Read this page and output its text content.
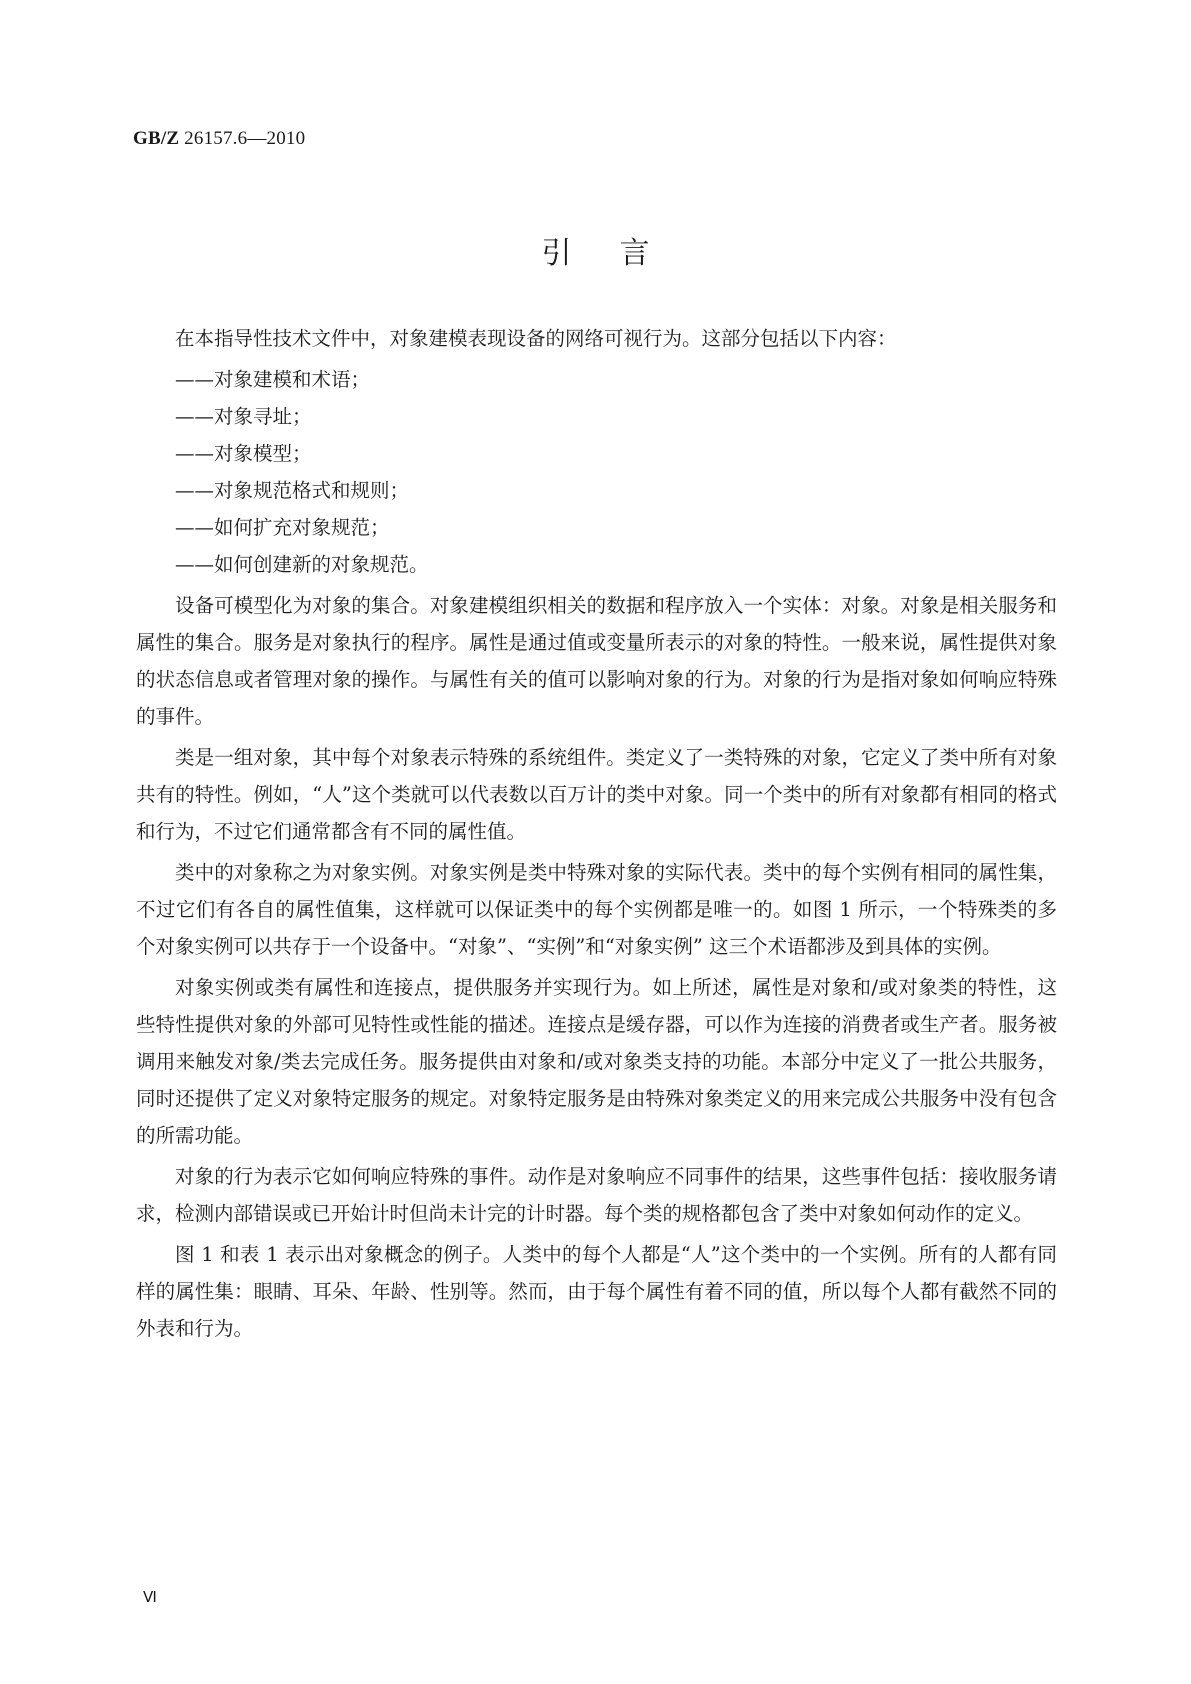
GB/Z 26157.6—2010
引言

在本指导性技术文件中，对象建模表现设备的网络可视行为。这部分包括以下内容：

——对象建模和术语；
——对象寻址；
——对象模型；
——对象规范格式和规则；
——如何扩充对象规范；
——如何创建新的对象规范。

设备可模型化为对象的集合。对象建模组织相关的数据和程序放入一个实体：对象。对象是相关服务和属性的集合。服务是对象执行的程序。属性是通过值或变量所表示的对象的特性。一般来说，属性提供对象的状态信息或者管理对象的操作。与属性有关的值可以影响对象的行为。对象的行为是指对象如何响应特殊的事件。

类是一组对象，其中每个对象表示特殊的系统组件。类定义了一类特殊的对象，它定义了类中所有对象共有的特性。例如，“人”这个类就可以代表数以百万计的类中对象。同一个类中的所有对象都有相同的格式和行为，不过它们通常都含有不同的属性值。

类中的对象称之为对象实例。对象实例是类中特殊对象的实际代表。类中的每个实例有相同的属性集，不过它们有各自的属性值集，这样就可以保证类中的每个实例都是唯一的。如图 1 所示，一个特殊类的多个对象实例可以共存于一个设备中。“对象”、“实例”和“对象实例” 这三个术语都涉及到具体的实例。

对象实例或类有属性和连接点，提供服务并实现行为。如上所述，属性是对象和/或对象类的特性，这些特性提供对象的外部可见特性或性能的描述。连接点是缓存器，可以作为连接的消费者或生产者。服务被调用来触发对象/类去完成任务。服务提供由对象和/或对象类支持的功能。本部分中定义了一批公共服务，同时还提供了定义对象特定服务的规定。对象特定服务是由特殊对象类定义的用来完成公共服务中没有包含的所需功能。

对象的行为表示它如何响应特殊的事件。动作是对象响应不同事件的结果，这些事件包括：接收服务请求，检测内部错误或已开始计时但尚未计完的计时器。每个类的规格都包含了类中对象如何动作的定义。

图 1 和表 1 表示出对象概念的例子。人类中的每个人都是“人”这个类中的一个实例。所有的人都有同样的属性集：眼睛、耳朵、年龄、性别等。然而，由于每个属性有着不同的值，所以每个人都有截然不同的外表和行为。

Ⅵ
